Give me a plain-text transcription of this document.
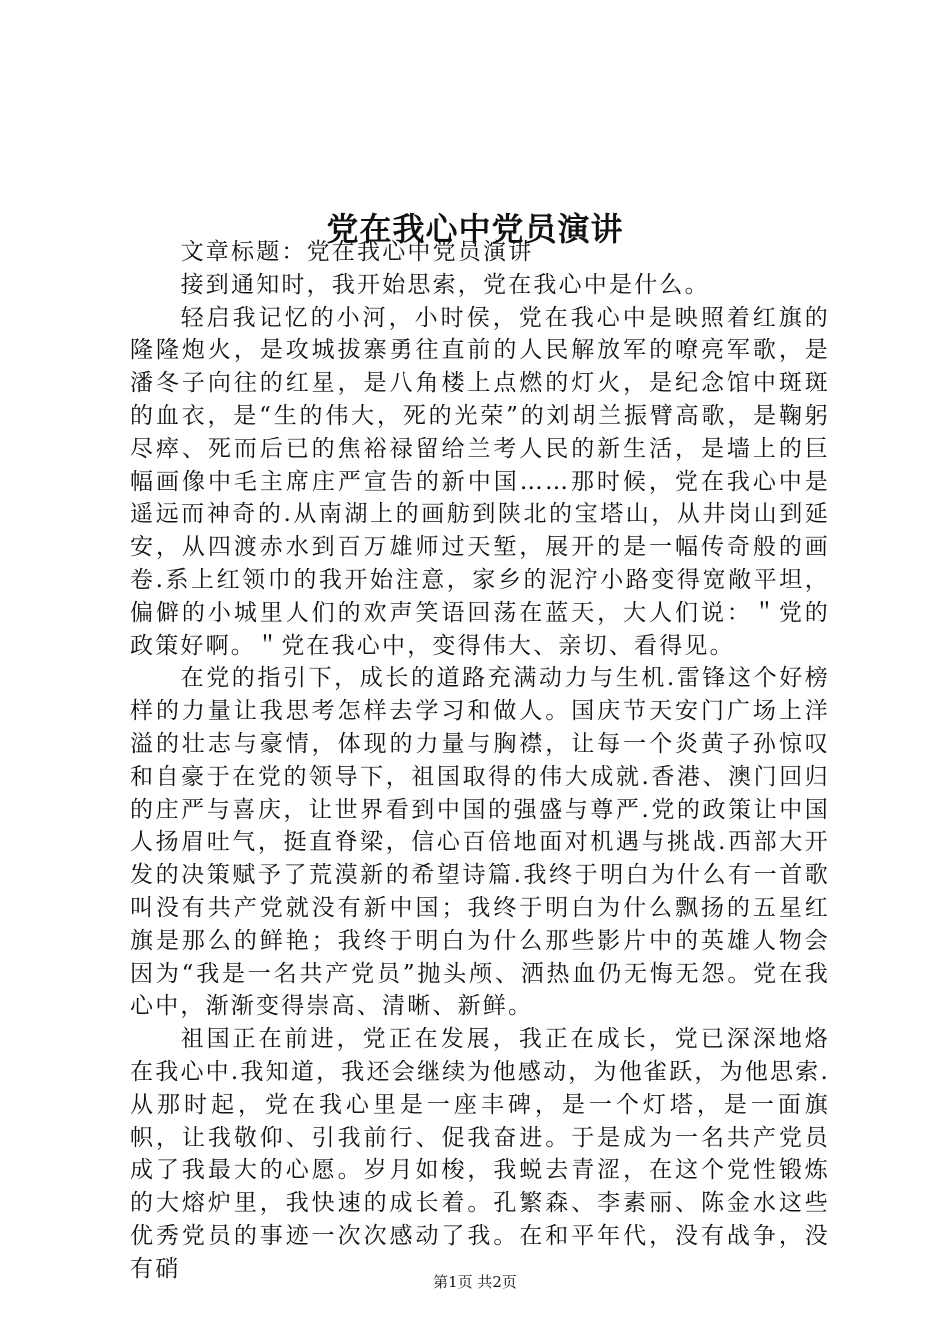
党在我心中党员演讲

文章标题：党在我心中党员演讲

接到通知时，我开始思索，党在我心中是什么。

轻启我记忆的小河，小时侯，党在我心中是映照着红旗的隆隆炮火，是攻城拔寨勇往直前的人民解放军的嘹亮军歌，是潘冬子向往的红星，是八角楼上点燃的灯火，是纪念馆中斑斑的血衣，是“生的伟大，死的光荣”的刘胡兰振臂高歌，是鞠躬尽瘁、死而后已的焦裕禄留给兰考人民的新生活，是墙上的巨幅画像中毛主席庄严宣告的新中国……那时候，党在我心中是遥远而神奇的.从南湖上的画舫到陕北的宝塔山，从井岗山到延安，从四渡赤水到百万雄师过天堑，展开的是一幅传奇般的画卷.系上红领巾的我开始注意，家乡的泥泞小路变得宽敞平坦，偏僻的小城里人们的欢声笑语回荡在蓝天，大人们说：＂党的政策好啊。＂党在我心中，变得伟大、亲切、看得见。

在党的指引下，成长的道路充满动力与生机.雷锋这个好榜样的力量让我思考怎样去学习和做人。国庆节天安门广场上洋溢的壮志与豪情，体现的力量与胸襟，让每一个炎黄子孙惊叹和自豪于在党的领导下，祖国取得的伟大成就.香港、澳门回归的庄严与喜庆，让世界看到中国的强盛与尊严.党的政策让中国人扬眉吐气，挺直脊梁，信心百倍地面对机遇与挑战.西部大开发的决策赋予了荒漠新的希望诗篇.我终于明白为什么有一首歌叫没有共产党就没有新中国；我终于明白为什么飘扬的五星红旗是那么的鲜艳；我终于明白为什么那些影片中的英雄人物会因为“我是一名共产党员”抛头颅、洒热血仍无悔无怨。党在我心中，渐渐变得崇高、清晰、新鲜。

祖国正在前进，党正在发展，我正在成长，党已深深地烙在我心中.我知道，我还会继续为他感动，为他雀跃，为他思索.从那时起，党在我心里是一座丰碑，是一个灯塔，是一面旗帜，让我敬仰、引我前行、促我奋进。于是成为一名共产党员成了我最大的心愿。岁月如梭，我蜕去青涩，在这个党性锻炼的大熔炉里，我快速的成长着。孔繁森、李素丽、陈金水这些优秀党员的事迹一次次感动了我。在和平年代，没有战争，没有硝

第1页 共2页
